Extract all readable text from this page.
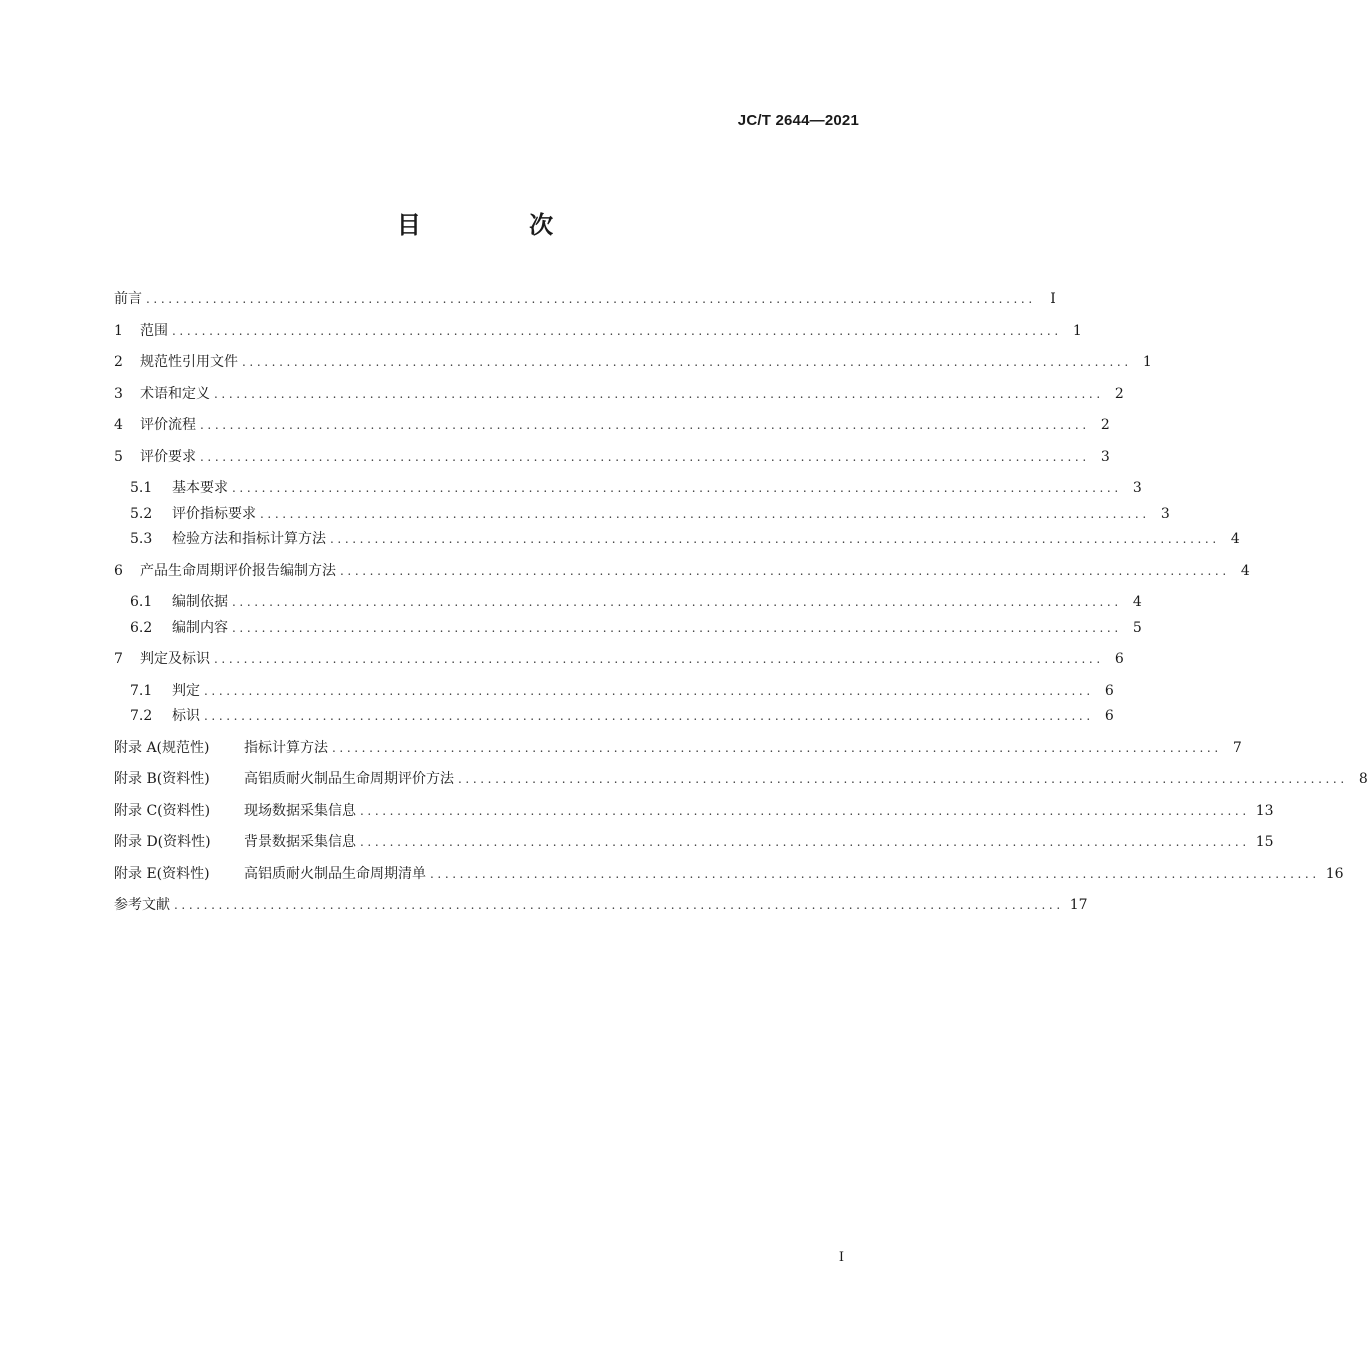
JC/T 2644—2021
目 次
前言 ........................................................................................................................	I
1	范围 ........................................................................................................................ 1
2	规范性引用文件 ........................................................................................................................ 1
3	术语和定义 ........................................................................................................................ 2
4	评价流程 ........................................................................................................................ 2
5	评价要求 ........................................................................................................................ 3
5.1	基本要求 ........................................................................................................................ 3
5.2	评价指标要求 ........................................................................................................................ 3
5.3	检验方法和指标计算方法 ........................................................................................................................ 4
6	产品生命周期评价报告编制方法 ........................................................................................................................ 4
6.1	编制依据 ........................................................................................................................ 4
6.2	编制内容 ........................................................................................................................ 5
7	判定及标识 ........................................................................................................................ 6
7.1	判定 ........................................................................................................................ 6
7.2	标识 ........................................................................................................................ 6
附录 A(规范性)	指标计算方法 ........................................................................................................................ 7
附录 B(资料性)	高铝质耐火制品生命周期评价方法 ........................................................................................................................ 8
附录 C(资料性)	现场数据采集信息 ........................................................................................................................ 13
附录 D(资料性)	背景数据采集信息 ........................................................................................................................ 15
附录 E(资料性)	高铝质耐火制品生命周期清单 ........................................................................................................................ 16
参考文献 ........................................................................................................................ 17
I
